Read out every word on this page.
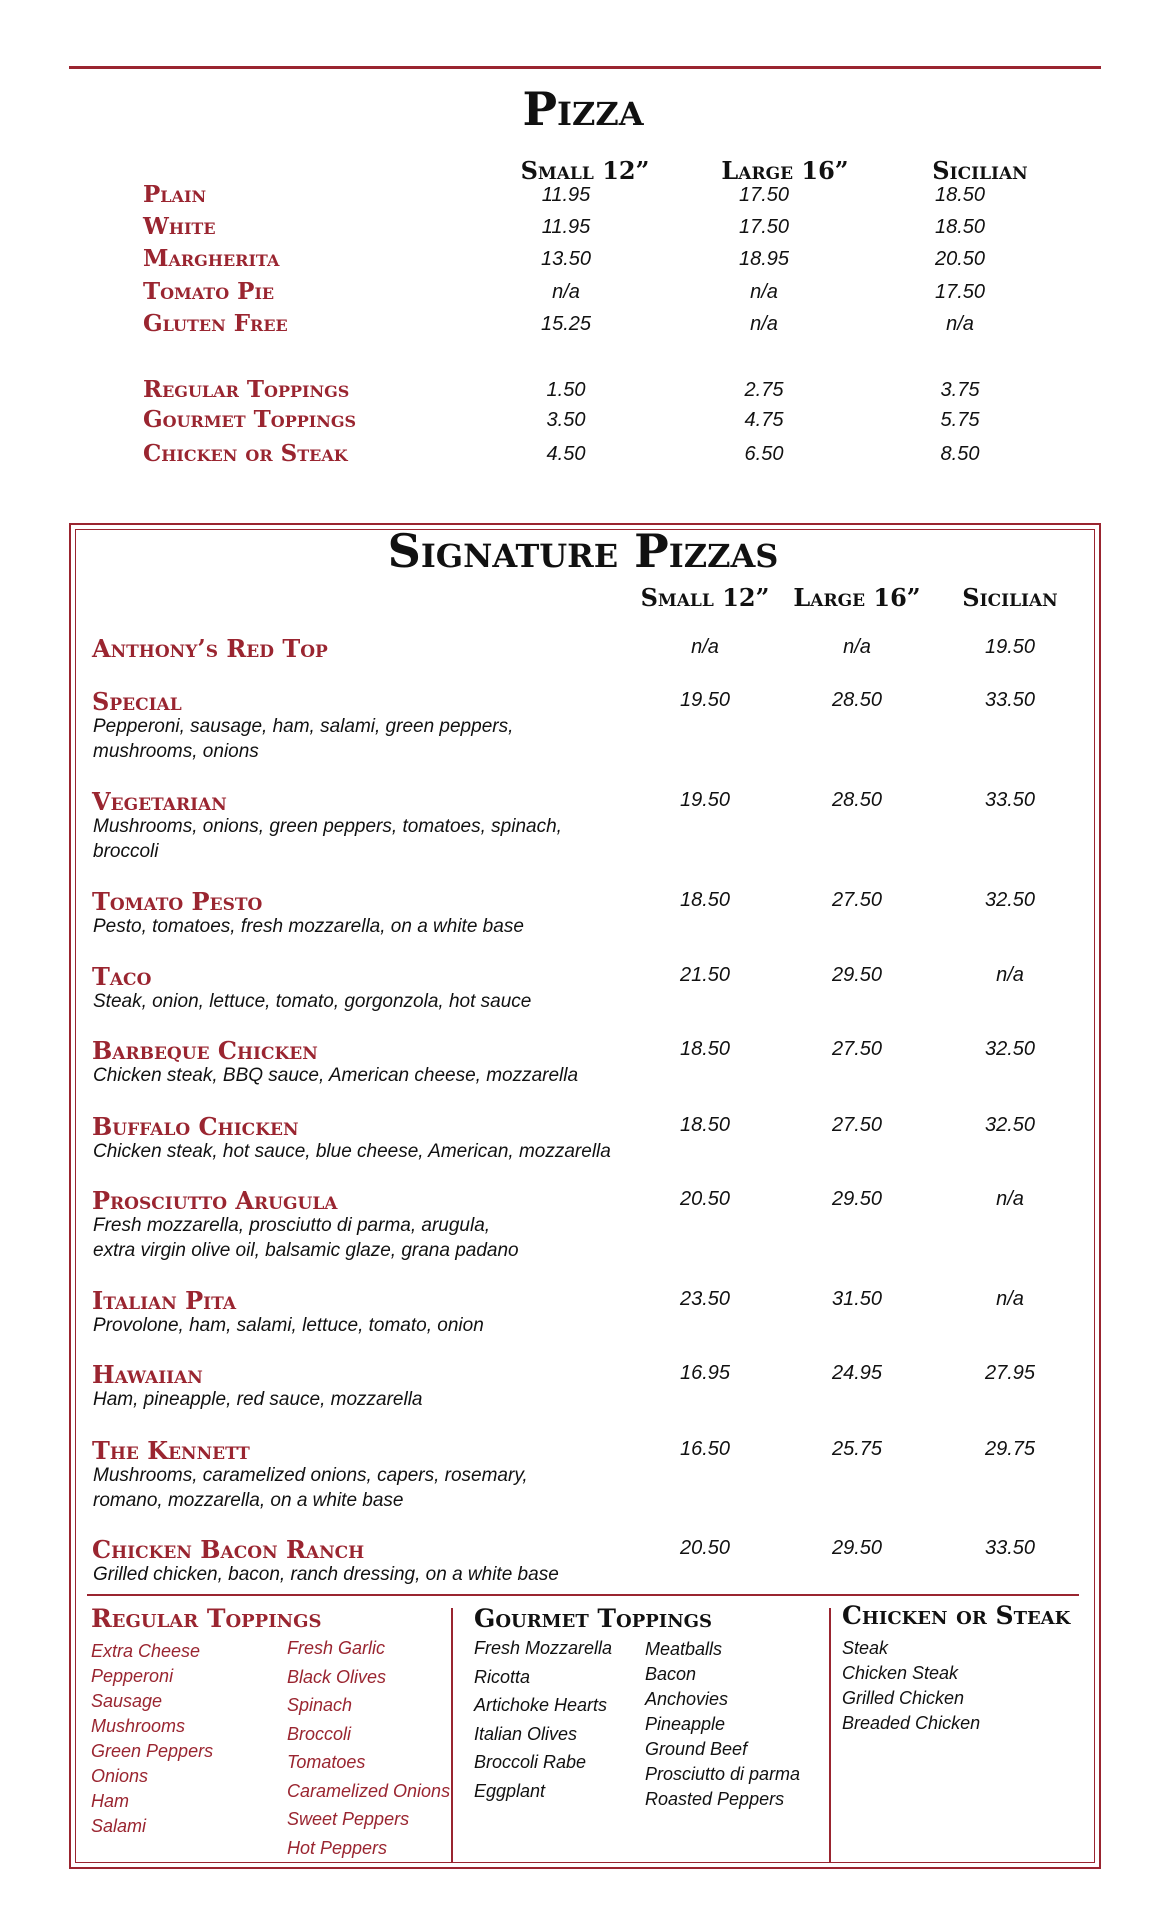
Pizza
Small 12”	Large 16”	Sicilian
Plain	11.95	17.50	18.50
White	11.95	17.50	18.50
Margherita	13.50	18.95	20.50
Tomato Pie	n/a	n/a	17.50
Gluten Free	15.25	n/a	n/a
Regular Toppings	1.50	2.75	3.75
Gourmet Toppings	3.50	4.75	5.75
Chicken or Steak	4.50	6.50	8.50
Signature Pizzas
Small 12” Large 16”	Sicilian
Anthony’s Red Top	n/a	n/a	19.50
Special
Pepperoni, sausage, ham, salami, green peppers,
mushrooms, onions
19.50	28.50	33.50
Vegetarian
Mushrooms, onions, green peppers, tomatoes, spinach,
broccoli
19.50	28.50	33.50
Tomato Pesto
Pesto, tomatoes, fresh mozzarella, on a white base
18.50	27.50	32.50
Taco
Steak, onion, lettuce, tomato, gorgonzola, hot sauce
21.50	29.50	n/a
Barbeque Chicken
Chicken steak, BBQ sauce, American cheese, mozzarella
18.50	27.50	32.50
Buffalo Chicken
Chicken steak, hot sauce, blue cheese, American, mozzarella
18.50	27.50	32.50
Prosciutto Arugula
Fresh mozzarella, prosciutto di parma, arugula,
extra virgin olive oil, balsamic glaze, grana padano
20.50	29.50	n/a
Italian Pita
Provolone, ham, salami, lettuce, tomato, onion
23.50	31.50	n/a
Hawaiian
Ham, pineapple, red sauce, mozzarella
16.95	24.95	27.95
The Kennett
Mushrooms, caramelized onions, capers, rosemary,
romano, mozzarella, on a white base
16.50	25.75	29.75
Chicken Bacon Ranch
Grilled chicken, bacon, ranch dressing, on a white base
20.50	29.50	33.50
Regular Toppings
Extra Cheese
Pepperoni
Sausage
Mushrooms
Green Peppers
Onions
Ham
Salami
Fresh Garlic
Black Olives
Spinach
Broccoli
Tomatoes
Caramelized Onions
Sweet Peppers
Hot Peppers
Gourmet Toppings
Fresh Mozzarella
Ricotta
Artichoke Hearts
Italian Olives
Broccoli Rabe
Eggplant
Meatballs
Bacon
Anchovies
Pineapple
Ground Beef
Prosciutto di parma
Roasted Peppers
Chicken or Steak
Steak
Chicken Steak
Grilled Chicken
Breaded Chicken
